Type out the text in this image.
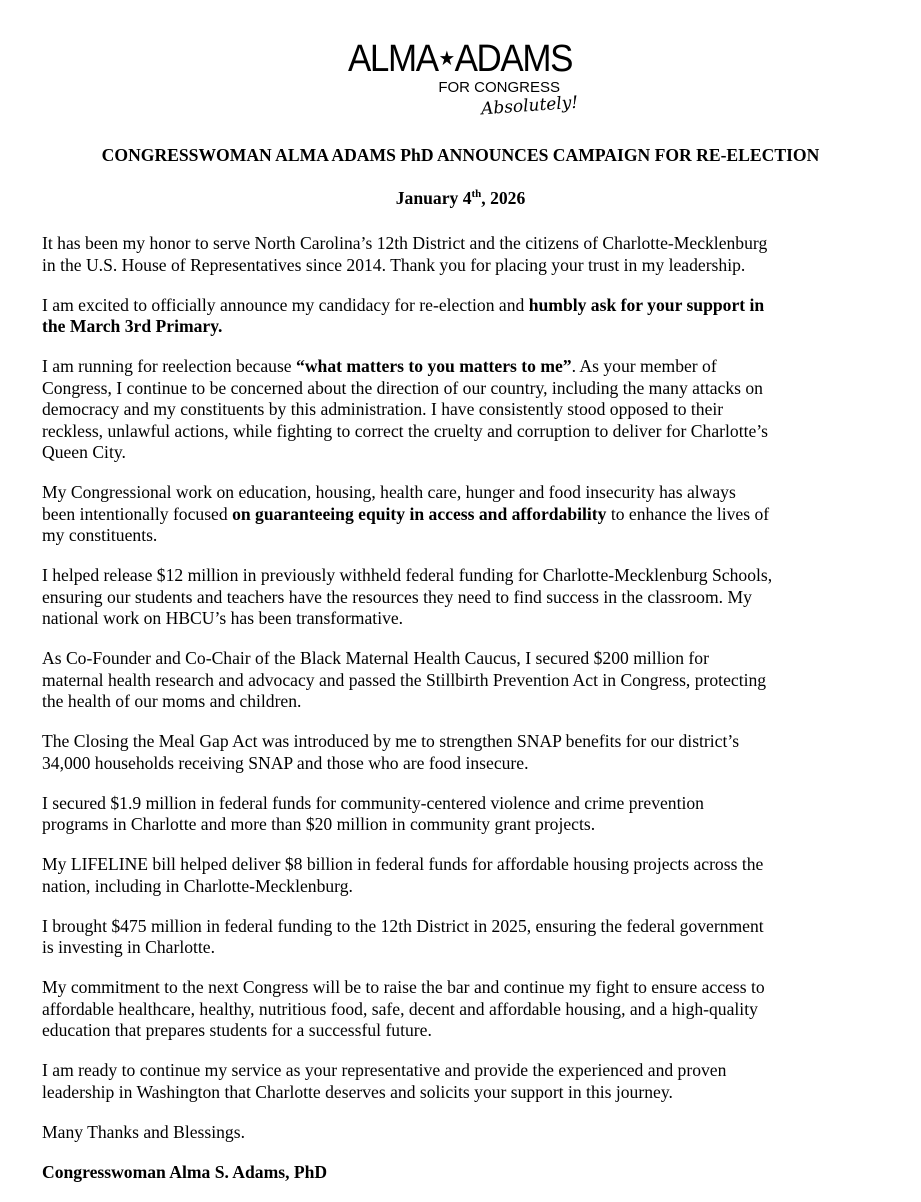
ALMA★ADAMS
FOR CONGRESS
Absolutely!
CONGRESSWOMAN ALMA ADAMS PhD ANNOUNCES CAMPAIGN FOR RE-ELECTION
January 4th, 2026

It has been my honor to serve North Carolina’s 12th District and the citizens of Charlotte-Mecklenburg
in the U.S. House of Representatives since 2014. Thank you for placing your trust in my leadership.

I am excited to officially announce my candidacy for re-election and humbly ask for your support in
the March 3rd Primary.

I am running for reelection because “what matters to you matters to me”. As your member of
Congress, I continue to be concerned about the direction of our country, including the many attacks on
democracy and my constituents by this administration. I have consistently stood opposed to their
reckless, unlawful actions, while fighting to correct the cruelty and corruption to deliver for Charlotte’s
Queen City.

My Congressional work on education, housing, health care, hunger and food insecurity has always
been intentionally focused on guaranteeing equity in access and affordability to enhance the lives of
my constituents.

I helped release $12 million in previously withheld federal funding for Charlotte-Mecklenburg Schools,
ensuring our students and teachers have the resources they need to find success in the classroom. My
national work on HBCU’s has been transformative.

As Co-Founder and Co-Chair of the Black Maternal Health Caucus, I secured $200 million for
maternal health research and advocacy and passed the Stillbirth Prevention Act in Congress, protecting
the health of our moms and children.

The Closing the Meal Gap Act was introduced by me to strengthen SNAP benefits for our district’s
34,000 households receiving SNAP and those who are food insecure.

I secured $1.9 million in federal funds for community-centered violence and crime prevention
programs in Charlotte and more than $20 million in community grant projects.

My LIFELINE bill helped deliver $8 billion in federal funds for affordable housing projects across the
nation, including in Charlotte-Mecklenburg.

I brought $475 million in federal funding to the 12th District in 2025, ensuring the federal government
is investing in Charlotte.

My commitment to the next Congress will be to raise the bar and continue my fight to ensure access to
affordable healthcare, healthy, nutritious food, safe, decent and affordable housing, and a high-quality
education that prepares students for a successful future.

I am ready to continue my service as your representative and provide the experienced and proven
leadership in Washington that Charlotte deserves and solicits your support in this journey.

Many Thanks and Blessings.

Congresswoman Alma S. Adams, PhD
